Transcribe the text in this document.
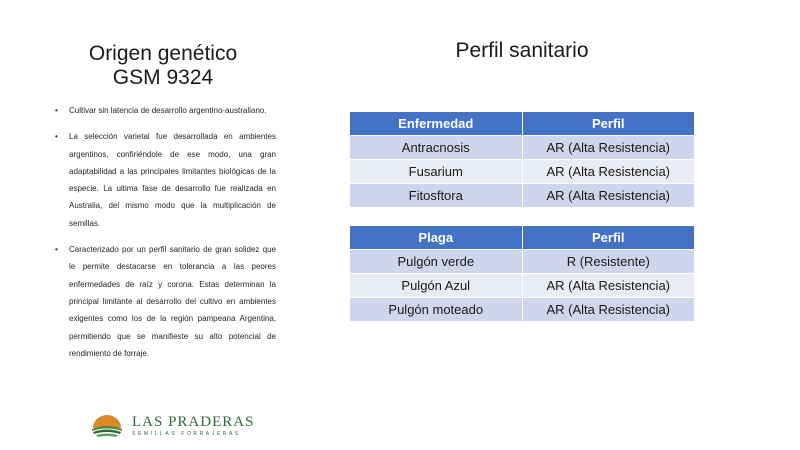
Origen genético
GSM 9324
• Cultivar sin latencia de desarrollo argentino-australiano.
• La selección varietal fue desarrollada en ambientes argentinos, confiriéndole de ese modo, una gran adaptabilidad a las principales limitantes biológicas de la especie. La ultima fase de desarrollo fue realizada en Australia, del mismo modo que la multiplicación de semillas.
• Caracterizado por un perfil sanitario de gran solidez que le permite destacarse en tolerancia a las peores enfermedades de raíz y corona. Estas determinan la principal limitante al desarrollo del cultivo en ambientes exigentes como los de la región pampeana Argentina, permitiendo que se manifieste su alto potencial de rendimiento de forraje.
Perfil sanitario
Enfermedad	Perfil
Antracnosis	AR (Alta Resistencia)
Fusarium	AR (Alta Resistencia)
Fitosftora	AR (Alta Resistencia)
Plaga	Perfil
Pulgón verde	R (Resistente)
Pulgón Azul	AR (Alta Resistencia)
Pulgón moteado	AR (Alta Resistencia)
LAS PRADERAS
SEMILLAS FORRAJERAS
